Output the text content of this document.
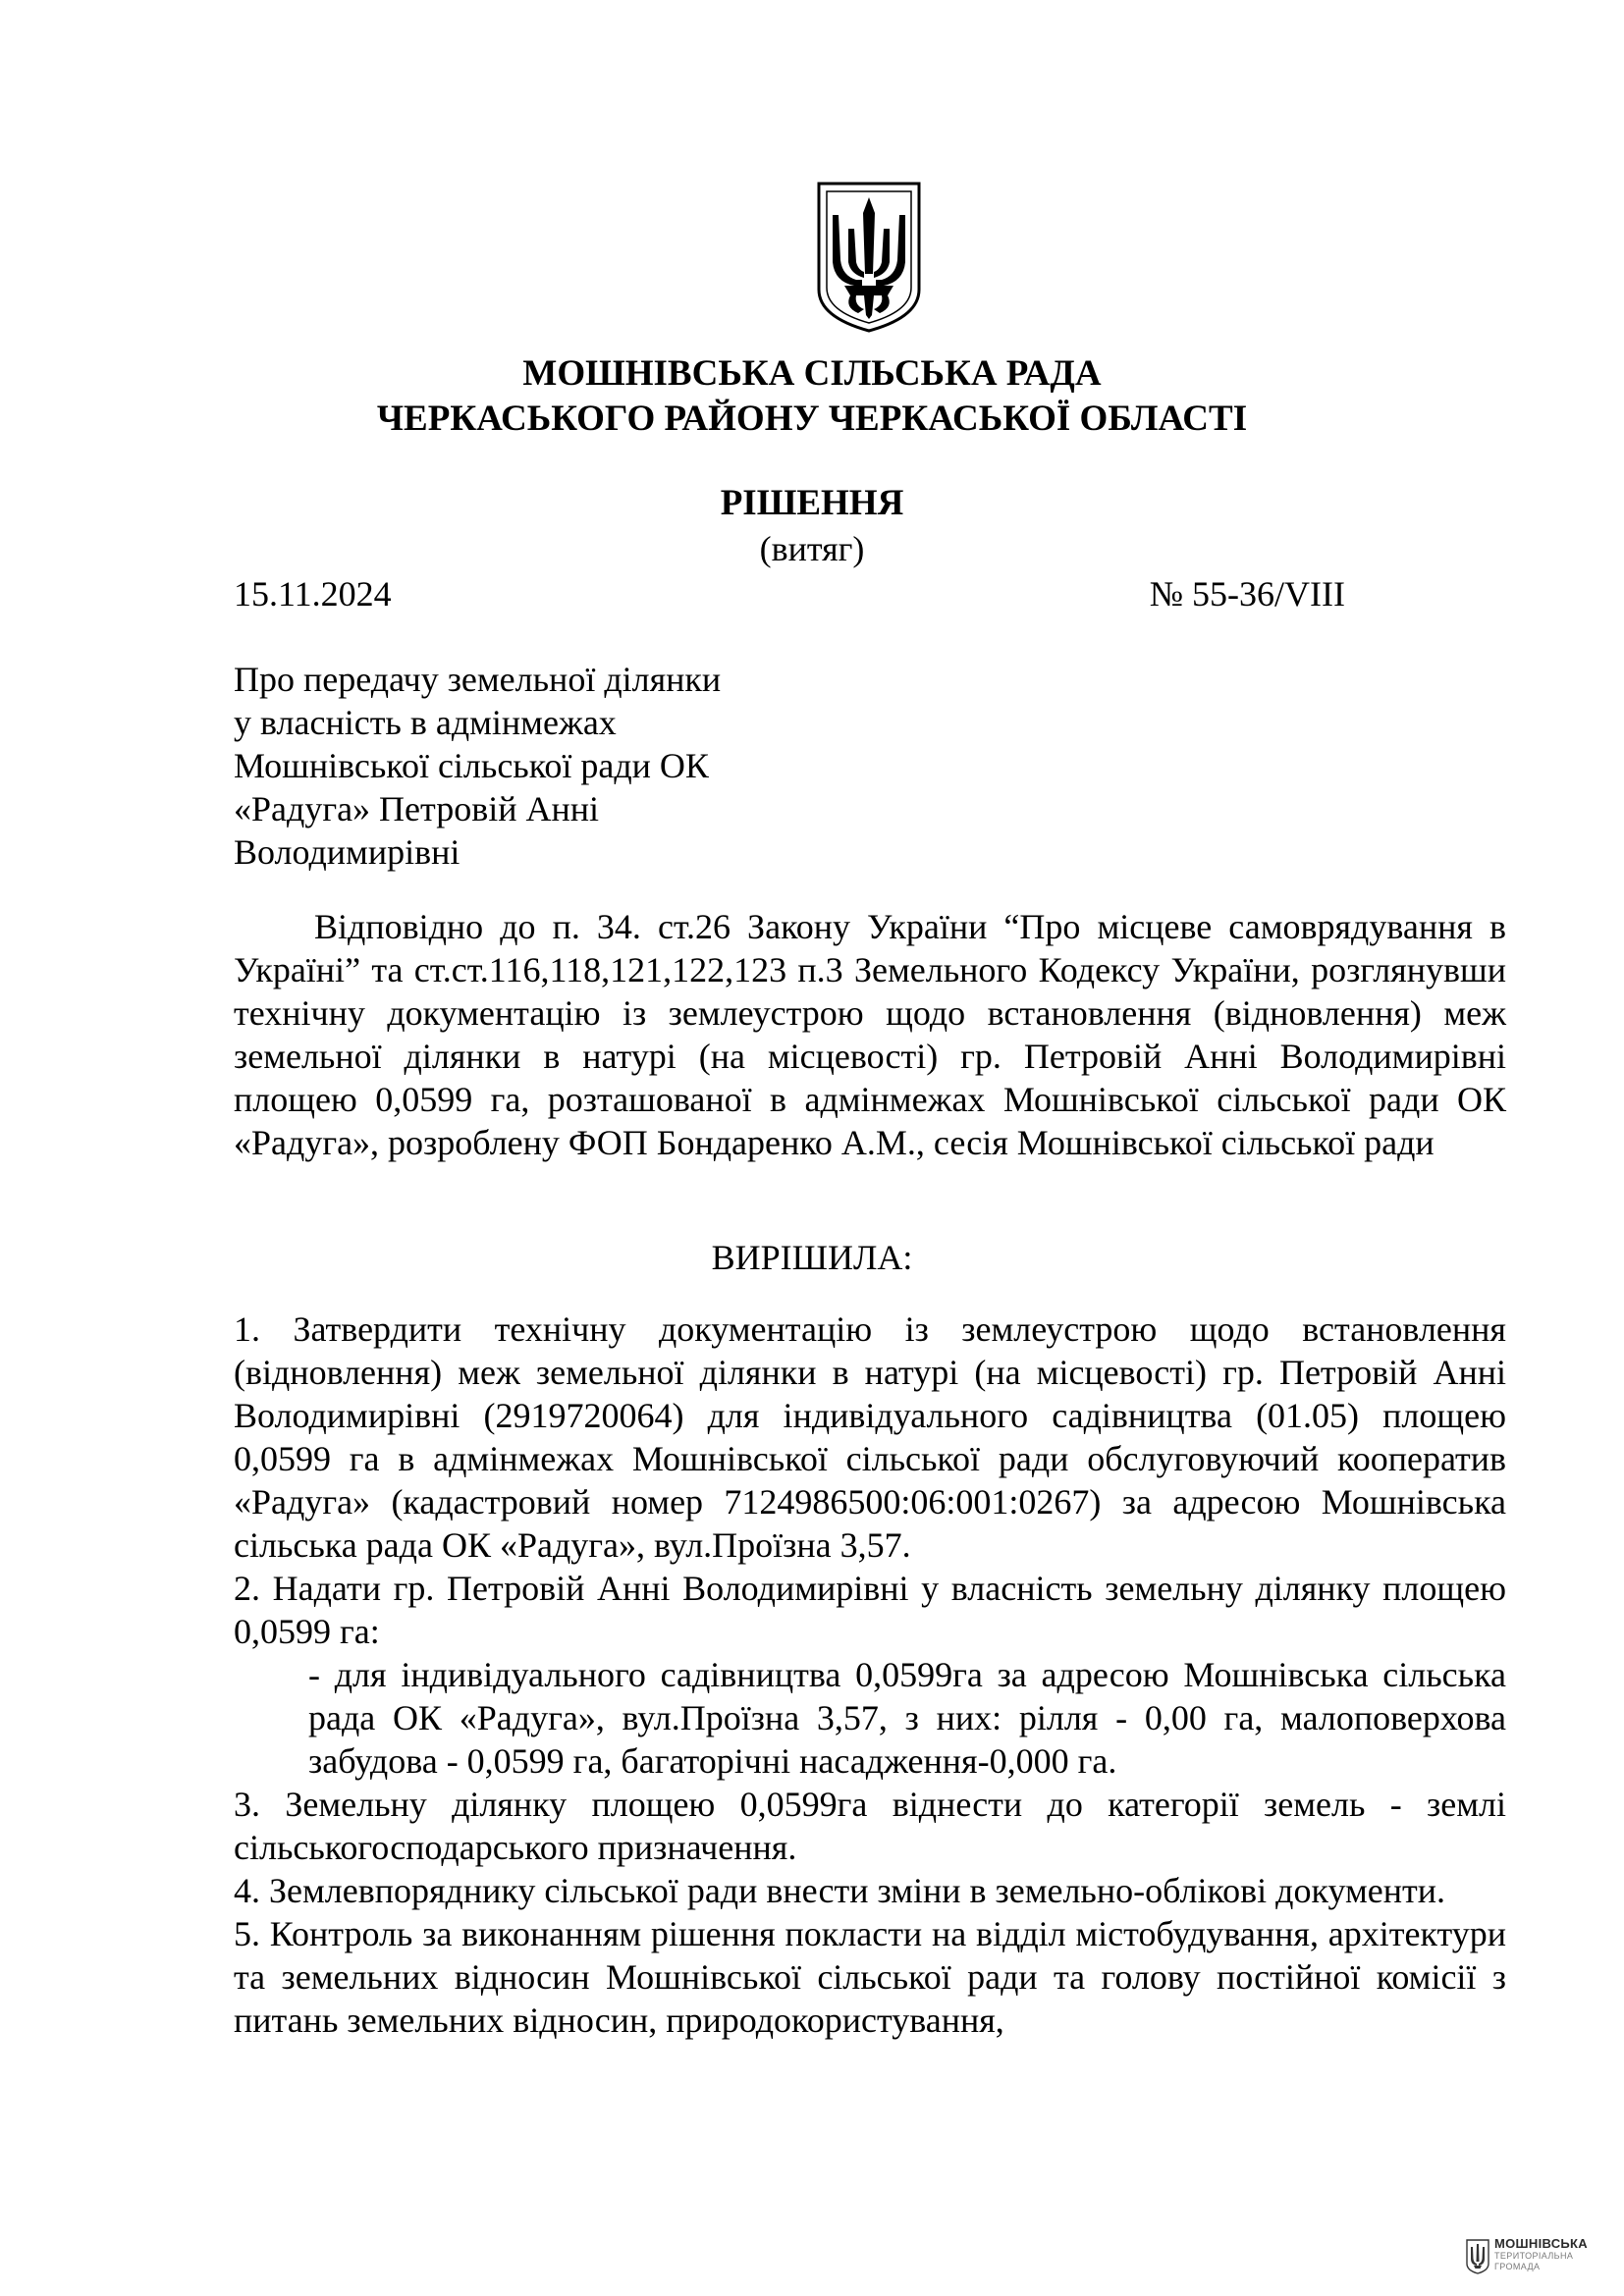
МОШНІВСЬКА СІЛЬСЬКА РАДА
ЧЕРКАСЬКОГО РАЙОНУ ЧЕРКАСЬКОЇ ОБЛАСТІ
РІШЕННЯ
(витяг)
15.11.2024	№ 55-36/VIII
Про передачу земельної ділянки
у власність в адмінмежах
Мошнівської сільської ради ОК
«Радуга» Петровій Анні
Володимирівні
Відповідно до п. 34. ст.26 Закону України “Про місцеве самоврядування в Україні” та ст.ст.116,118,121,122,123 п.3 Земельного Кодексу України, розглянувши технічну документацію із землеустрою щодо встановлення (відновлення) меж земельної ділянки в натурі (на місцевості) гр. Петровій Анні Володимирівні площею 0,0599 га, розташованої в адмінмежах Мошнівської сільської ради ОК «Радуга», розроблену ФОП Бондаренко А.М., сесія Мошнівської сільської ради
ВИРІШИЛА:

1. Затвердити технічну документацію із землеустрою щодо встановлення (відновлення) меж земельної ділянки в натурі (на місцевості) гр. Петровій Анні Володимирівні (2919720064) для індивідуального садівництва (01.05) площею 0,0599 га в адмінмежах Мошнівської сільської ради обслуговуючий кооператив «Радуга» (кадастровий номер 7124986500:06:001:0267) за адресою Мошнівська сільська рада ОК «Радуга», вул.Проїзна 3,57.

2. Надати гр. Петровій Анні Володимирівні у власність земельну ділянку площею 0,0599 га:

- для індивідуального садівництва 0,0599га за адресою Мошнівська сільська рада ОК «Радуга», вул.Проїзна 3,57, з них: рілля - 0,00 га, малоповерхова забудова - 0,0599 га, багаторічні насадження-0,000 га.

3. Земельну ділянку площею 0,0599га віднести до категорії земель - землі сільськогосподарського призначення.

4. Землевпоряднику сільської ради внести зміни в земельно-облікові документи.

5. Контроль за виконанням рішення покласти на відділ містобудування, архітектури та земельних відносин Мошнівської сільської ради та голову постійної комісії з питань земельних відносин, природокористування,

МОШНІВСЬКА
ТЕРИТОРІАЛЬНА
ГРОМАДА
